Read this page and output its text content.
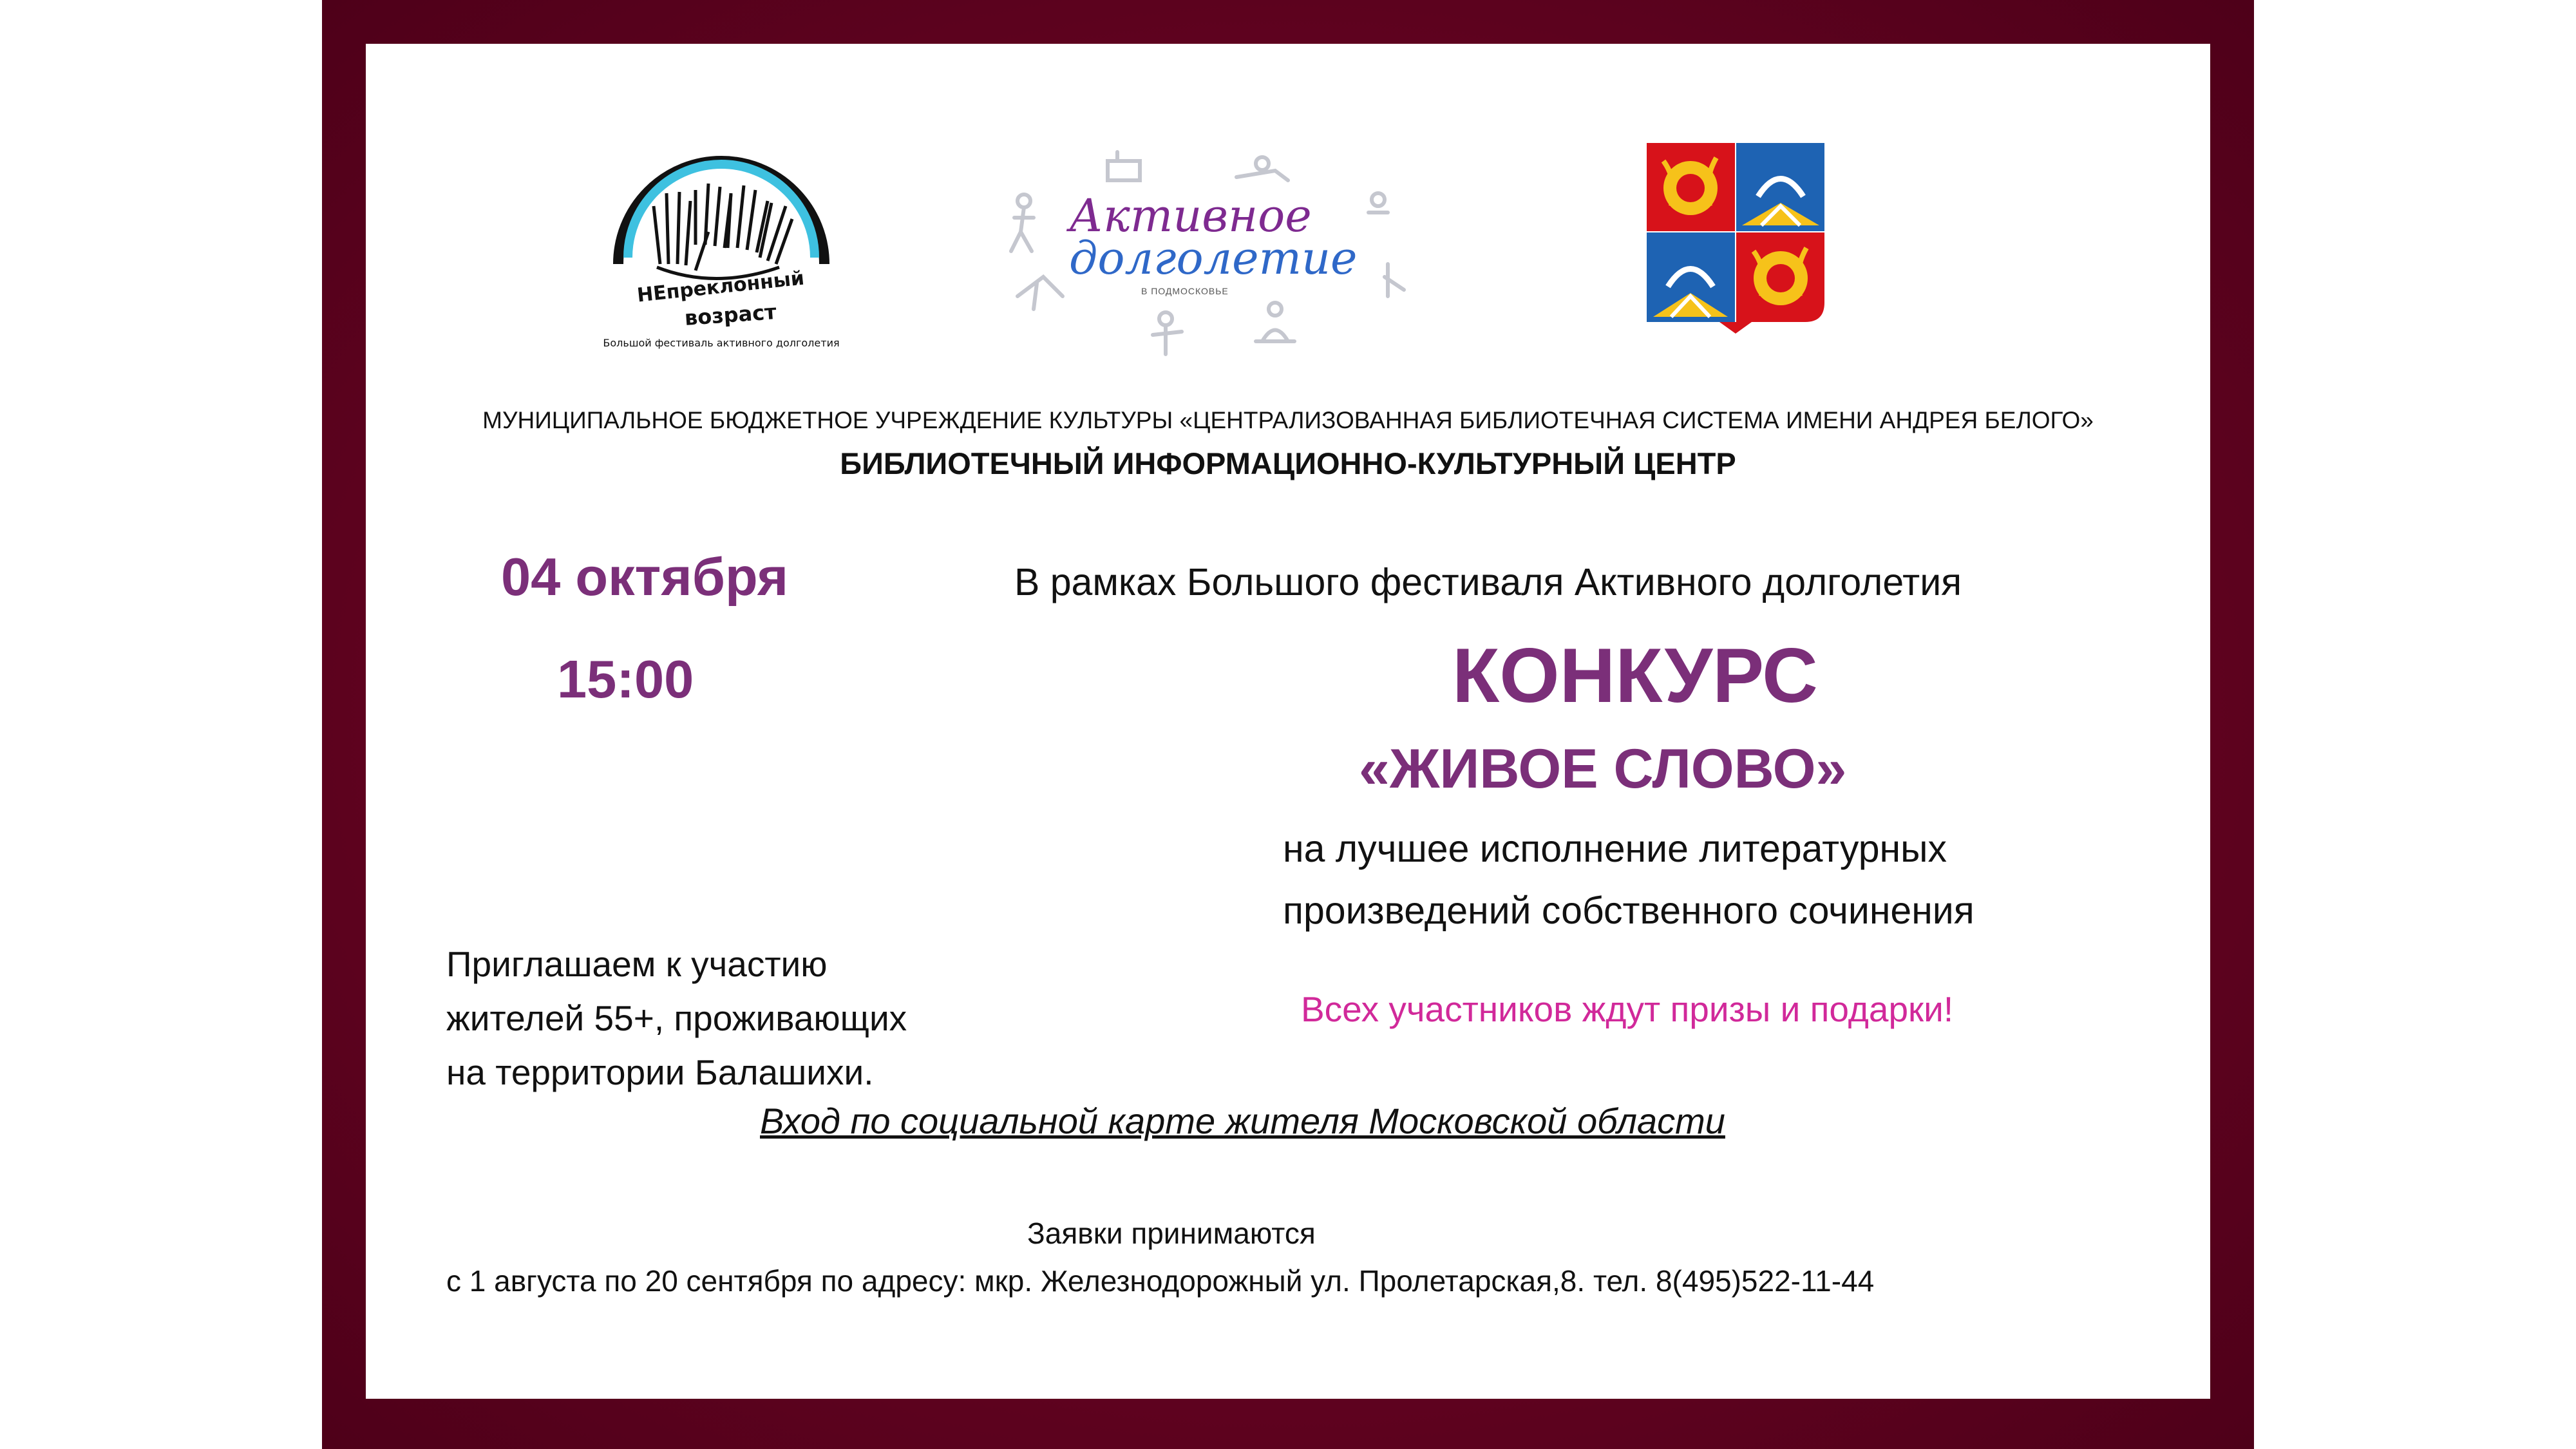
НЕпреклонный
возраст
Большой фестиваль активного долголетия
Активное
долголетие
В ПОДМОСКОВЬЕ
МУНИЦИПАЛЬНОЕ БЮДЖЕТНОЕ УЧРЕЖДЕНИЕ КУЛЬТУРЫ «ЦЕНТРАЛИЗОВАННАЯ БИБЛИОТЕЧНАЯ СИСТЕМА ИМЕНИ АНДРЕЯ БЕЛОГО»
БИБЛИОТЕЧНЫЙ ИНФОРМАЦИОННО-КУЛЬТУРНЫЙ ЦЕНТР
04 октября
15:00
В рамках Большого фестиваля Активного долголетия
КОНКУРС
«ЖИВОЕ СЛОВО»
на лучшее исполнение литературных
произведений собственного сочинения
Приглашаем к участию
жителей 55+, проживающих
на территории Балашихи.
Всех участников ждут призы и подарки!
Вход по социальной карте жителя Московской области
Заявки принимаются
с 1 августа по 20 сентября по адресу: мкр. Железнодорожный ул. Пролетарская,8. тел. 8(495)522-11-44
